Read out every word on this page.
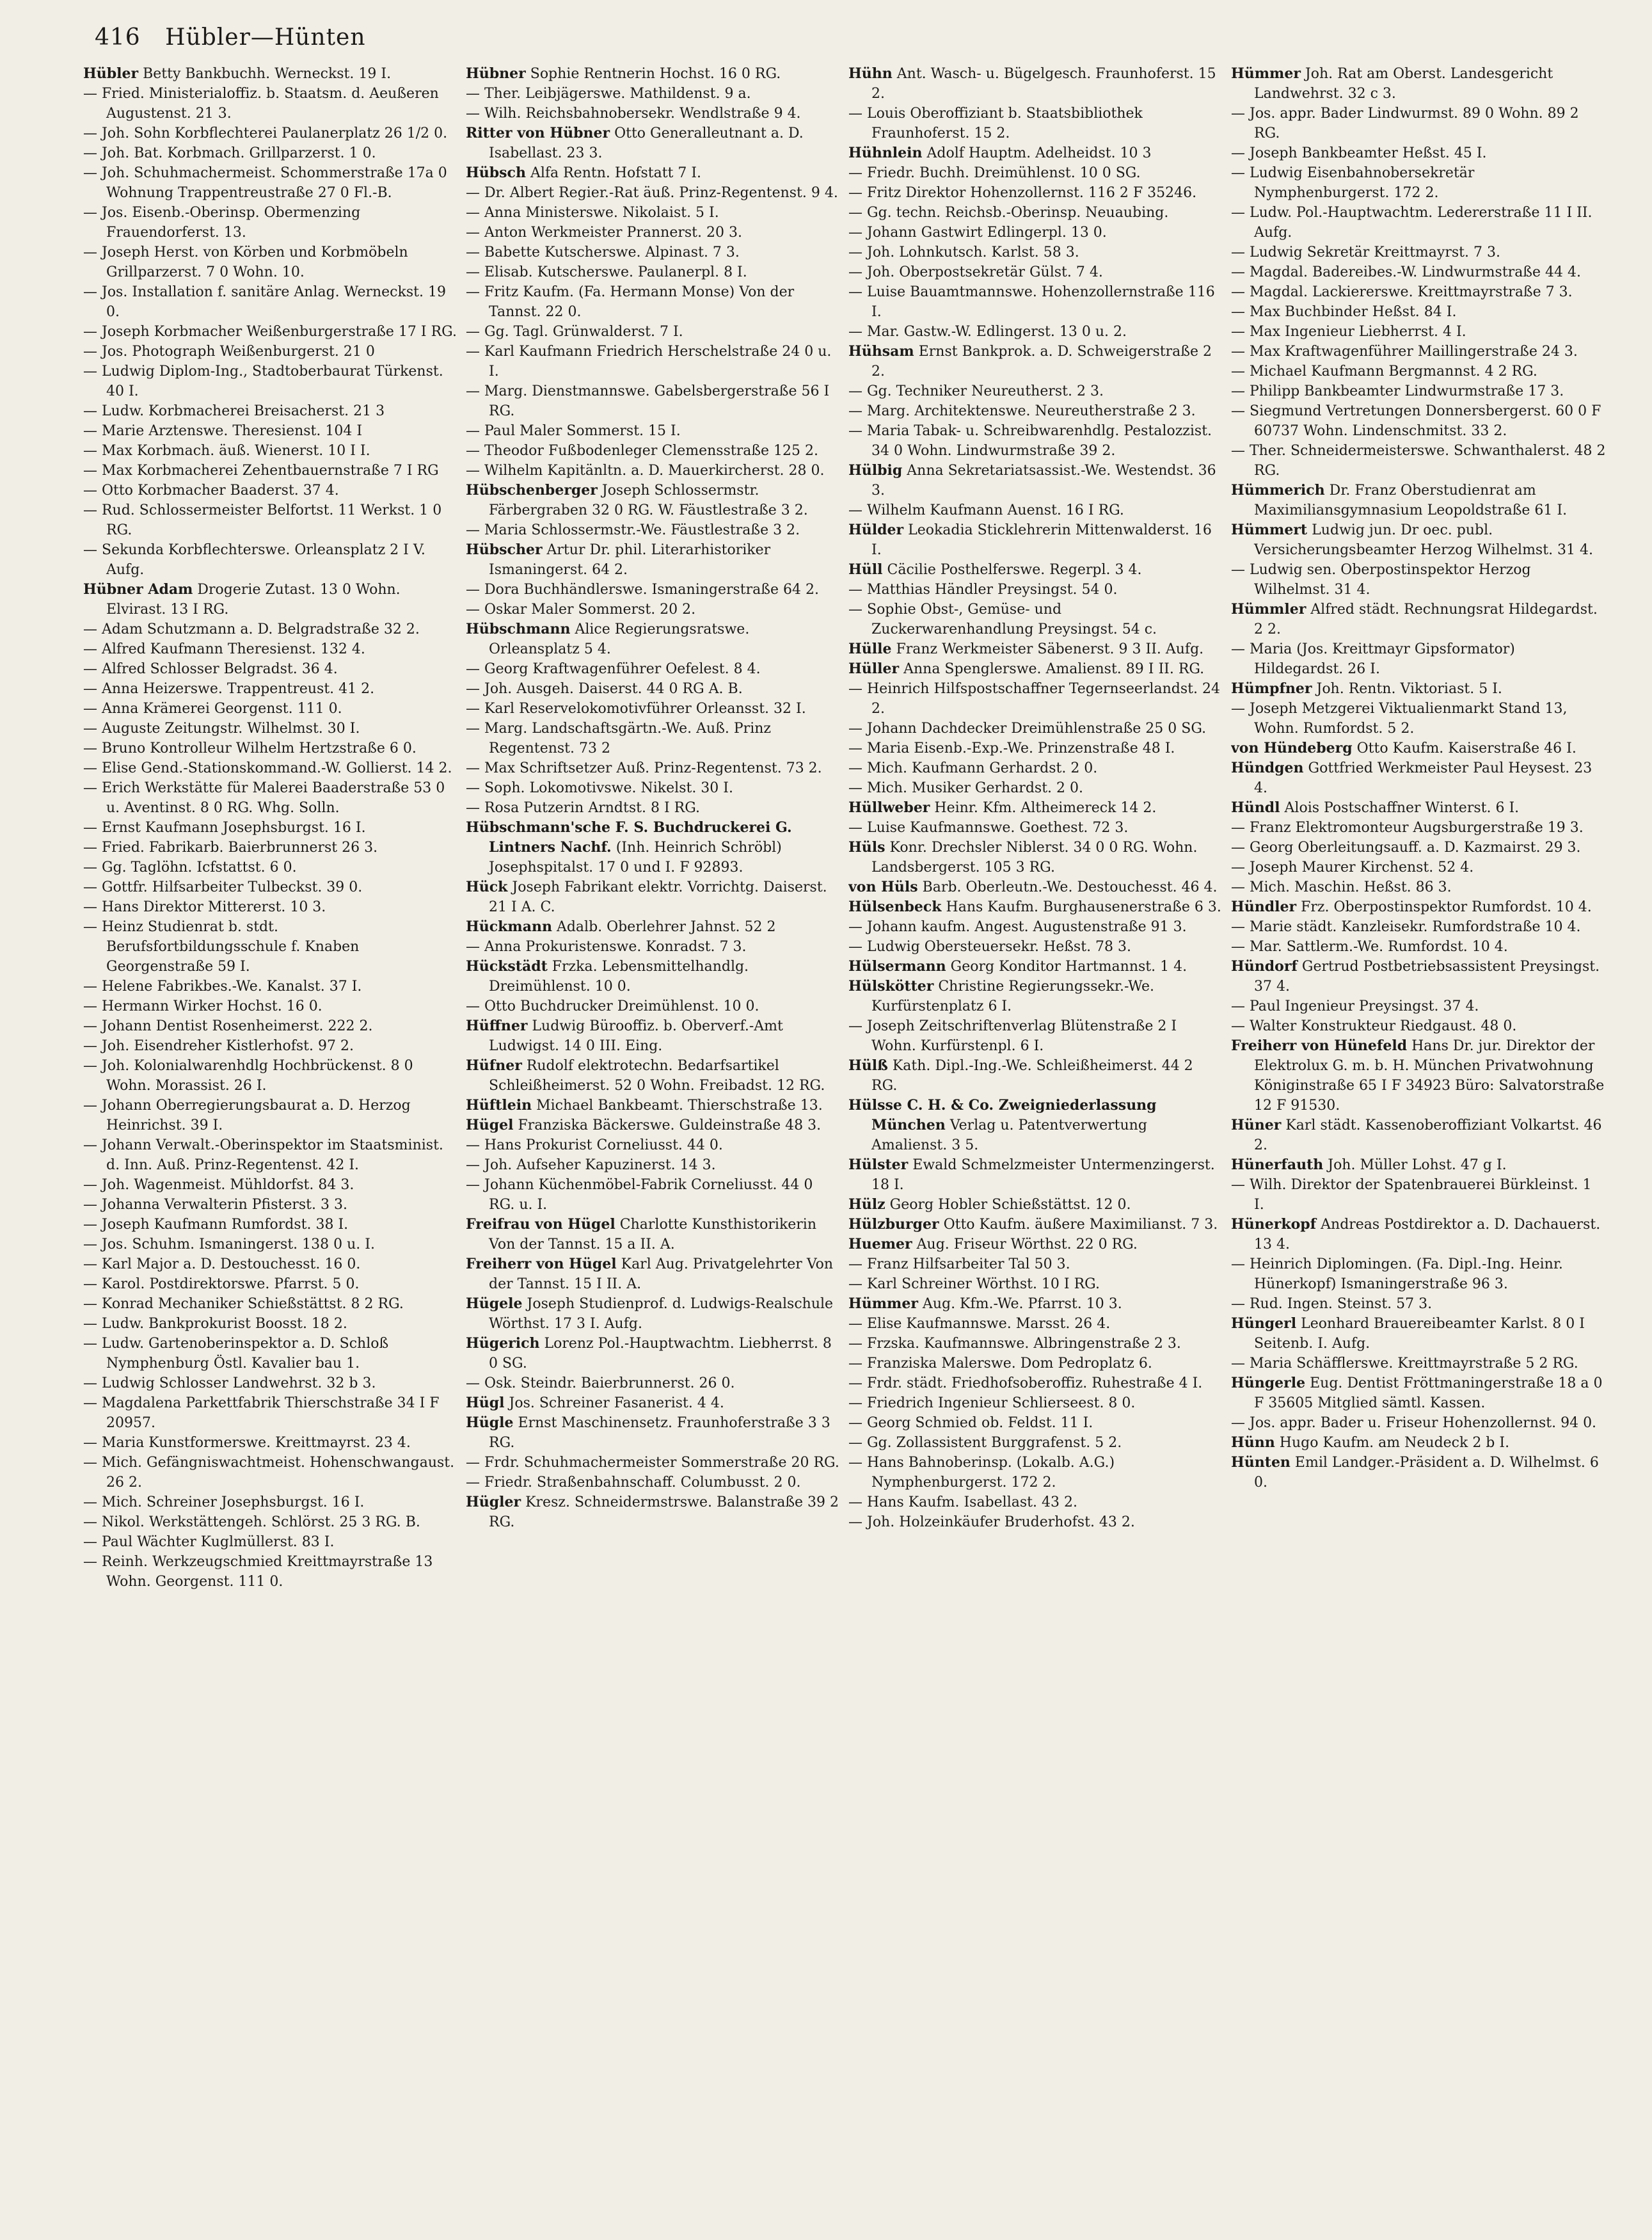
416 Hübler—Hünten

Hübler Betty Bankbuchh. Werneckst. 19 I.

— Fried. Ministerialoffiz. b. Staatsm. d. Aeußeren Augustenst. 21 3.

— Joh. Sohn Korbflechterei Paulanerplatz 26 1/2 0.

— Joh. Bat. Korbmach. Grillparzerst. 1 0.

— Joh. Schuhmachermeist. Schommerstraße 17a 0 Wohnung Trappentreustraße 27 0 Fl.-B.

— Jos. Eisenb.-Oberinsp. Obermenzing Frauendorferst. 13.

— Joseph Herst. von Körben und Korbmöbeln Grillparzerst. 7 0 Wohn. 10.

— Jos. Installation f. sanitäre Anlag. Werneckst. 19 0.

— Joseph Korbmacher Weißenburgerstraße 17 I RG.

— Jos. Photograph Weißenburgerst. 21 0

— Ludwig Diplom-Ing., Stadtoberbaurat Türkenst. 40 I.

— Ludw. Korbmacherei Breisacherst. 21 3

— Marie Arztenswe. Theresienst. 104 I

— Max Korbmach. äuß. Wienerst. 10 I I.

— Max Korbmacherei Zehentbauernstraße 7 I RG

— Otto Korbmacher Baaderst. 37 4.

— Rud. Schlossermeister Belfortst. 11 Werkst. 1 0 RG.

— Sekunda Korbflechterswe. Orleansplatz 2 I V. Aufg.

Hübner Adam Drogerie Zutast. 13 0 Wohn. Elvirast. 13 I RG.

— Adam Schutzmann a. D. Belgradstraße 32 2.

— Alfred Kaufmann Theresienst. 132 4.

— Alfred Schlosser Belgradst. 36 4.

— Anna Heizerswe. Trappentreust. 41 2.

— Anna Krämerei Georgenst. 111 0.

— Auguste Zeitungstr. Wilhelmst. 30 I.

— Bruno Kontrolleur Wilhelm Hertzstraße 6 0.

— Elise Gend.-Stationskommand.-W. Gollierst. 14 2.

— Erich Werkstätte für Malerei Baaderstraße 53 0 u. Aventinst. 8 0 RG. Whg. Solln.

— Ernst Kaufmann Josephsburgst. 16 I.

— Fried. Fabrikarb. Baierbrunnerst 26 3.

— Gg. Taglöhn. Icfstattst. 6 0.

— Gottfr. Hilfsarbeiter Tulbeckst. 39 0.

— Hans Direktor Mittererst. 10 3.

— Heinz Studienrat b. stdt. Berufsfortbildungsschule f. Knaben Georgenstraße 59 I.

— Helene Fabrikbes.-We. Kanalst. 37 I.

— Hermann Wirker Hochst. 16 0.

— Johann Dentist Rosenheimerst. 222 2.

— Joh. Eisendreher Kistlerhofst. 97 2.

— Joh. Kolonialwarenhdlg Hochbrückenst. 8 0 Wohn. Morassist. 26 I.

— Johann Oberregierungsbaurat a. D. Herzog Heinrichst. 39 I.

— Johann Verwalt.-Oberinspektor im Staatsminist. d. Inn. Auß. Prinz-Regentenst. 42 I.

— Joh. Wagenmeist. Mühldorfst. 84 3.

— Johanna Verwalterin Pfisterst. 3 3.

— Joseph Kaufmann Rumfordst. 38 I.

— Jos. Schuhm. Ismaningerst. 138 0 u. I.

— Karl Major a. D. Destouchesst. 16 0.

— Karol. Postdirektorswe. Pfarrst. 5 0.

— Konrad Mechaniker Schießstättst. 8 2 RG.

— Ludw. Bankprokurist Boosst. 18 2.

— Ludw. Gartenoberinspektor a. D. Schloß Nymphenburg Östl. Kavalier bau 1.

— Ludwig Schlosser Landwehrst. 32 b 3.

— Magdalena Parkettfabrik Thierschstraße 34 I F 20957.

— Maria Kunstformerswe. Kreittmayrst. 23 4.

— Mich. Gefängniswachtmeist. Hohenschwangaust. 26 2.

— Mich. Schreiner Josephsburgst. 16 I.

— Nikol. Werkstättengeh. Schlörst. 25 3 RG. B.

— Paul Wächter Kuglmüllerst. 83 I.

— Reinh. Werkzeugschmied Kreittmayrstraße 13 Wohn. Georgenst. 111 0.

Hübner Sophie Rentnerin Hochst. 16 0 RG.

— Ther. Leibjägerswe. Mathildenst. 9 a.

— Wilh. Reichsbahnobersekr. Wendlstraße 9 4.

Ritter von Hübner Otto Generalleutnant a. D. Isabellast. 23 3.

Hübsch Alfa Rentn. Hofstatt 7 I.

— Dr. Albert Regier.-Rat äuß. Prinz-Regentenst. 9 4.

— Anna Ministerswe. Nikolaist. 5 I.

— Anton Werkmeister Prannerst. 20 3.

— Babette Kutscherswe. Alpinast. 7 3.

— Elisab. Kutscherswe. Paulanerpl. 8 I.

— Fritz Kaufm. (Fa. Hermann Monse) Von der Tannst. 22 0.

— Gg. Tagl. Grünwalderst. 7 I.

— Karl Kaufmann Friedrich Herschelstraße 24 0 u. I.

— Marg. Dienstmannswe. Gabelsbergerstraße 56 I RG.

— Paul Maler Sommerst. 15 I.

— Theodor Fußbodenleger Clemensstraße 125 2.

— Wilhelm Kapitänltn. a. D. Mauerkircherst. 28 0.

Hübschenberger Joseph Schlossermstr. Färbergraben 32 0 RG. W. Fäustlestraße 3 2.

— Maria Schlossermstr.-We. Fäustlestraße 3 2.

Hübscher Artur Dr. phil. Literarhistoriker Ismaningerst. 64 2.

— Dora Buchhändlerswe. Ismaningerstraße 64 2.

— Oskar Maler Sommerst. 20 2.

Hübschmann Alice Regierungsratswe. Orleansplatz 5 4.

— Georg Kraftwagenführer Oefelest. 8 4.

— Joh. Ausgeh. Daiserst. 44 0 RG A. B.

— Karl Reservelokomotivführer Orleansst. 32 I.

— Marg. Landschaftsgärtn.-We. Auß. Prinz Regentenst. 73 2

— Max Schriftsetzer Auß. Prinz-Regentenst. 73 2.

— Soph. Lokomotivswe. Nikelst. 30 I.

— Rosa Putzerin Arndtst. 8 I RG.

Hübschmann'sche F. S. Buchdruckerei G. Lintners Nachf. (Inh. Heinrich Schröbl) Josephspitalst. 17 0 und I. F 92893.

Hück Joseph Fabrikant elektr. Vorrichtg. Daiserst. 21 I A. C.

Hückmann Adalb. Oberlehrer Jahnst. 52 2

— Anna Prokuristenswe. Konradst. 7 3.

Hückstädt Frzka. Lebensmittelhandlg. Dreimühlenst. 10 0.

— Otto Buchdrucker Dreimühlenst. 10 0.

Hüffner Ludwig Bürooffiz. b. Oberverf.-Amt Ludwigst. 14 0 III. Eing.

Hüfner Rudolf elektrotechn. Bedarfsartikel Schleißheimerst. 52 0 Wohn. Freibadst. 12 RG.

Hüftlein Michael Bankbeamt. Thierschstraße 13.

Hügel Franziska Bäckerswe. Guldeinstraße 48 3.

— Hans Prokurist Corneliusst. 44 0.

— Joh. Aufseher Kapuzinerst. 14 3.

— Johann Küchenmöbel-Fabrik Corneliusst. 44 0 RG. u. I.

Freifrau von Hügel Charlotte Kunsthistorikerin Von der Tannst. 15 a II. A.

Freiherr von Hügel Karl Aug. Privatgelehrter Von der Tannst. 15 I II. A.

Hügele Joseph Studienprof. d. Ludwigs-Realschule Wörthst. 17 3 I. Aufg.

Hügerich Lorenz Pol.-Hauptwachtm. Liebherrst. 8 0 SG.

— Osk. Steindr. Baierbrunnerst. 26 0.

Hügl Jos. Schreiner Fasanerist. 4 4.

Hügle Ernst Maschinensetz. Fraunhoferstraße 3 3 RG.

— Frdr. Schuhmachermeister Sommerstraße 20 RG.

— Friedr. Straßenbahnschaff. Columbusst. 2 0.

Hügler Kresz. Schneidermstrswe. Balanstraße 39 2 RG.

Hühn Ant. Wasch- u. Bügelgesch. Fraunhoferst. 15 2.

— Louis Oberoffiziant b. Staatsbibliothek Fraunhoferst. 15 2.

Hühnlein Adolf Hauptm. Adelheidst. 10 3

— Friedr. Buchh. Dreimühlenst. 10 0 SG.

— Fritz Direktor Hohenzollernst. 116 2 F 35246.

— Gg. techn. Reichsb.-Oberinsp. Neuaubing.

— Johann Gastwirt Edlingerpl. 13 0.

— Joh. Lohnkutsch. Karlst. 58 3.

— Joh. Oberpostsekretär Gülst. 7 4.

— Luise Bauamtmannswe. Hohenzollernstraße 116 I.

— Mar. Gastw.-W. Edlingerst. 13 0 u. 2.

Hühsam Ernst Bankprok. a. D. Schweigerstraße 2 2.

— Gg. Techniker Neureutherst. 2 3.

— Marg. Architektenswe. Neureutherstraße 2 3.

— Maria Tabak- u. Schreibwarenhdlg. Pestalozzist. 34 0 Wohn. Lindwurmstraße 39 2.

Hülbig Anna Sekretariatsassist.-We. Westendst. 36 3.

— Wilhelm Kaufmann Auenst. 16 I RG.

Hülder Leokadia Sticklehrerin Mittenwalderst. 16 I.

Hüll Cäcilie Posthelferswe. Regerpl. 3 4.

— Matthias Händler Preysingst. 54 0.

— Sophie Obst-, Gemüse- und Zuckerwarenhandlung Preysingst. 54 c.

Hülle Franz Werkmeister Säbenerst. 9 3 II. Aufg.

Hüller Anna Spenglerswe. Amalienst. 89 I II. RG.

— Heinrich Hilfspostschaffner Tegernseerlandst. 24 2.

— Johann Dachdecker Dreimühlenstraße 25 0 SG.

— Maria Eisenb.-Exp.-We. Prinzenstraße 48 I.

— Mich. Kaufmann Gerhardst. 2 0.

— Mich. Musiker Gerhardst. 2 0.

Hüllweber Heinr. Kfm. Altheimereck 14 2.

— Luise Kaufmannswe. Goethest. 72 3.

Hüls Konr. Drechsler Niblerst. 34 0 0 RG. Wohn. Landsbergerst. 105 3 RG.

von Hüls Barb. Oberleutn.-We. Destouchesst. 46 4.

Hülsenbeck Hans Kaufm. Burghausenerstraße 6 3.

— Johann kaufm. Angest. Augustenstraße 91 3.

— Ludwig Obersteuersekr. Heßst. 78 3.

Hülsermann Georg Konditor Hartmannst. 1 4.

Hülskötter Christine Regierungssekr.-We. Kurfürstenplatz 6 I.

— Joseph Zeitschriftenverlag Blütenstraße 2 I Wohn. Kurfürstenpl. 6 I.

Hülß Kath. Dipl.-Ing.-We. Schleißheimerst. 44 2 RG.

Hülsse C. H. & Co. Zweigniederlassung München Verlag u. Patentverwertung Amalienst. 3 5.

Hülster Ewald Schmelzmeister Untermenzingerst. 18 I.

Hülz Georg Hobler Schießstättst. 12 0.

Hülzburger Otto Kaufm. äußere Maximilianst. 7 3.

Huemer Aug. Friseur Wörthst. 22 0 RG.

— Franz Hilfsarbeiter Tal 50 3.

— Karl Schreiner Wörthst. 10 I RG.

Hümmer Aug. Kfm.-We. Pfarrst. 10 3.

— Elise Kaufmannswe. Marsst. 26 4.

— Frzska. Kaufmannswe. Albringenstraße 2 3.

— Franziska Malerswe. Dom Pedroplatz 6.

— Frdr. städt. Friedhofsoberoffiz. Ruhestraße 4 I.

— Friedrich Ingenieur Schlierseest. 8 0.

— Georg Schmied ob. Feldst. 11 I.

— Gg. Zollassistent Burggrafenst. 5 2.

— Hans Bahnoberinsp. (Lokalb. A.G.) Nymphenburgerst. 172 2.

— Hans Kaufm. Isabellast. 43 2.

— Joh. Holzeinkäufer Bruderhofst. 43 2.

Hümmer Joh. Rat am Oberst. Landesgericht Landwehrst. 32 c 3.

— Jos. appr. Bader Lindwurmst. 89 0 Wohn. 89 2 RG.

— Joseph Bankbeamter Heßst. 45 I.

— Ludwig Eisenbahnobersekretär Nymphenburgerst. 172 2.

— Ludw. Pol.-Hauptwachtm. Ledererstraße 11 I II. Aufg.

— Ludwig Sekretär Kreittmayrst. 7 3.

— Magdal. Badereibes.-W. Lindwurmstraße 44 4.

— Magdal. Lackiererswe. Kreittmayrstraße 7 3.

— Max Buchbinder Heßst. 84 I.

— Max Ingenieur Liebherrst. 4 I.

— Max Kraftwagenführer Maillingerstraße 24 3.

— Michael Kaufmann Bergmannst. 4 2 RG.

— Philipp Bankbeamter Lindwurmstraße 17 3.

— Siegmund Vertretungen Donnersbergerst. 60 0 F 60737 Wohn. Lindenschmitst. 33 2.

— Ther. Schneidermeisterswe. Schwanthalerst. 48 2 RG.

Hümmerich Dr. Franz Oberstudienrat am Maximiliansgymnasium Leopoldstraße 61 I.

Hümmert Ludwig jun. Dr oec. publ. Versicherungsbeamter Herzog Wilhelmst. 31 4.

— Ludwig sen. Oberpostinspektor Herzog Wilhelmst. 31 4.

Hümmler Alfred städt. Rechnungsrat Hildegardst. 2 2.

— Maria (Jos. Kreittmayr Gipsformator) Hildegardst. 26 I.

Hümpfner Joh. Rentn. Viktoriast. 5 I.

— Joseph Metzgerei Viktualienmarkt Stand 13, Wohn. Rumfordst. 5 2.

von Hündeberg Otto Kaufm. Kaiserstraße 46 I.

Hündgen Gottfried Werkmeister Paul Heysest. 23 4.

Hündl Alois Postschaffner Winterst. 6 I.

— Franz Elektromonteur Augsburgerstraße 19 3.

— Georg Oberleitungsauff. a. D. Kazmairst. 29 3.

— Joseph Maurer Kirchenst. 52 4.

— Mich. Maschin. Heßst. 86 3.

Hündler Frz. Oberpostinspektor Rumfordst. 10 4.

— Marie städt. Kanzleisekr. Rumfordstraße 10 4.

— Mar. Sattlerm.-We. Rumfordst. 10 4.

Hündorf Gertrud Postbetriebsassistent Preysingst. 37 4.

— Paul Ingenieur Preysingst. 37 4.

— Walter Konstrukteur Riedgaust. 48 0.

Freiherr von Hünefeld Hans Dr. jur. Direktor der Elektrolux G. m. b. H. München Privatwohnung Königinstraße 65 I F 34923 Büro: Salvatorstraße 12 F 91530.

Hüner Karl städt. Kassenoberoffiziant Volkartst. 46 2.

Hünerfauth Joh. Müller Lohst. 47 g I.

— Wilh. Direktor der Spatenbrauerei Bürkleinst. 1 I.

Hünerkopf Andreas Postdirektor a. D. Dachauerst. 13 4.

— Heinrich Diplomingen. (Fa. Dipl.-Ing. Heinr. Hünerkopf) Ismaningerstraße 96 3.

— Rud. Ingen. Steinst. 57 3.

Hüngerl Leonhard Brauereibeamter Karlst. 8 0 I Seitenb. I. Aufg.

— Maria Schäfflerswe. Kreittmayrstraße 5 2 RG.

Hüngerle Eug. Dentist Fröttmaningerstraße 18 a 0 F 35605 Mitglied sämtl. Kassen.

— Jos. appr. Bader u. Friseur Hohenzollernst. 94 0.

Hünn Hugo Kaufm. am Neudeck 2 b I.

Hünten Emil Landger.-Präsident a. D. Wilhelmst. 6 0.
